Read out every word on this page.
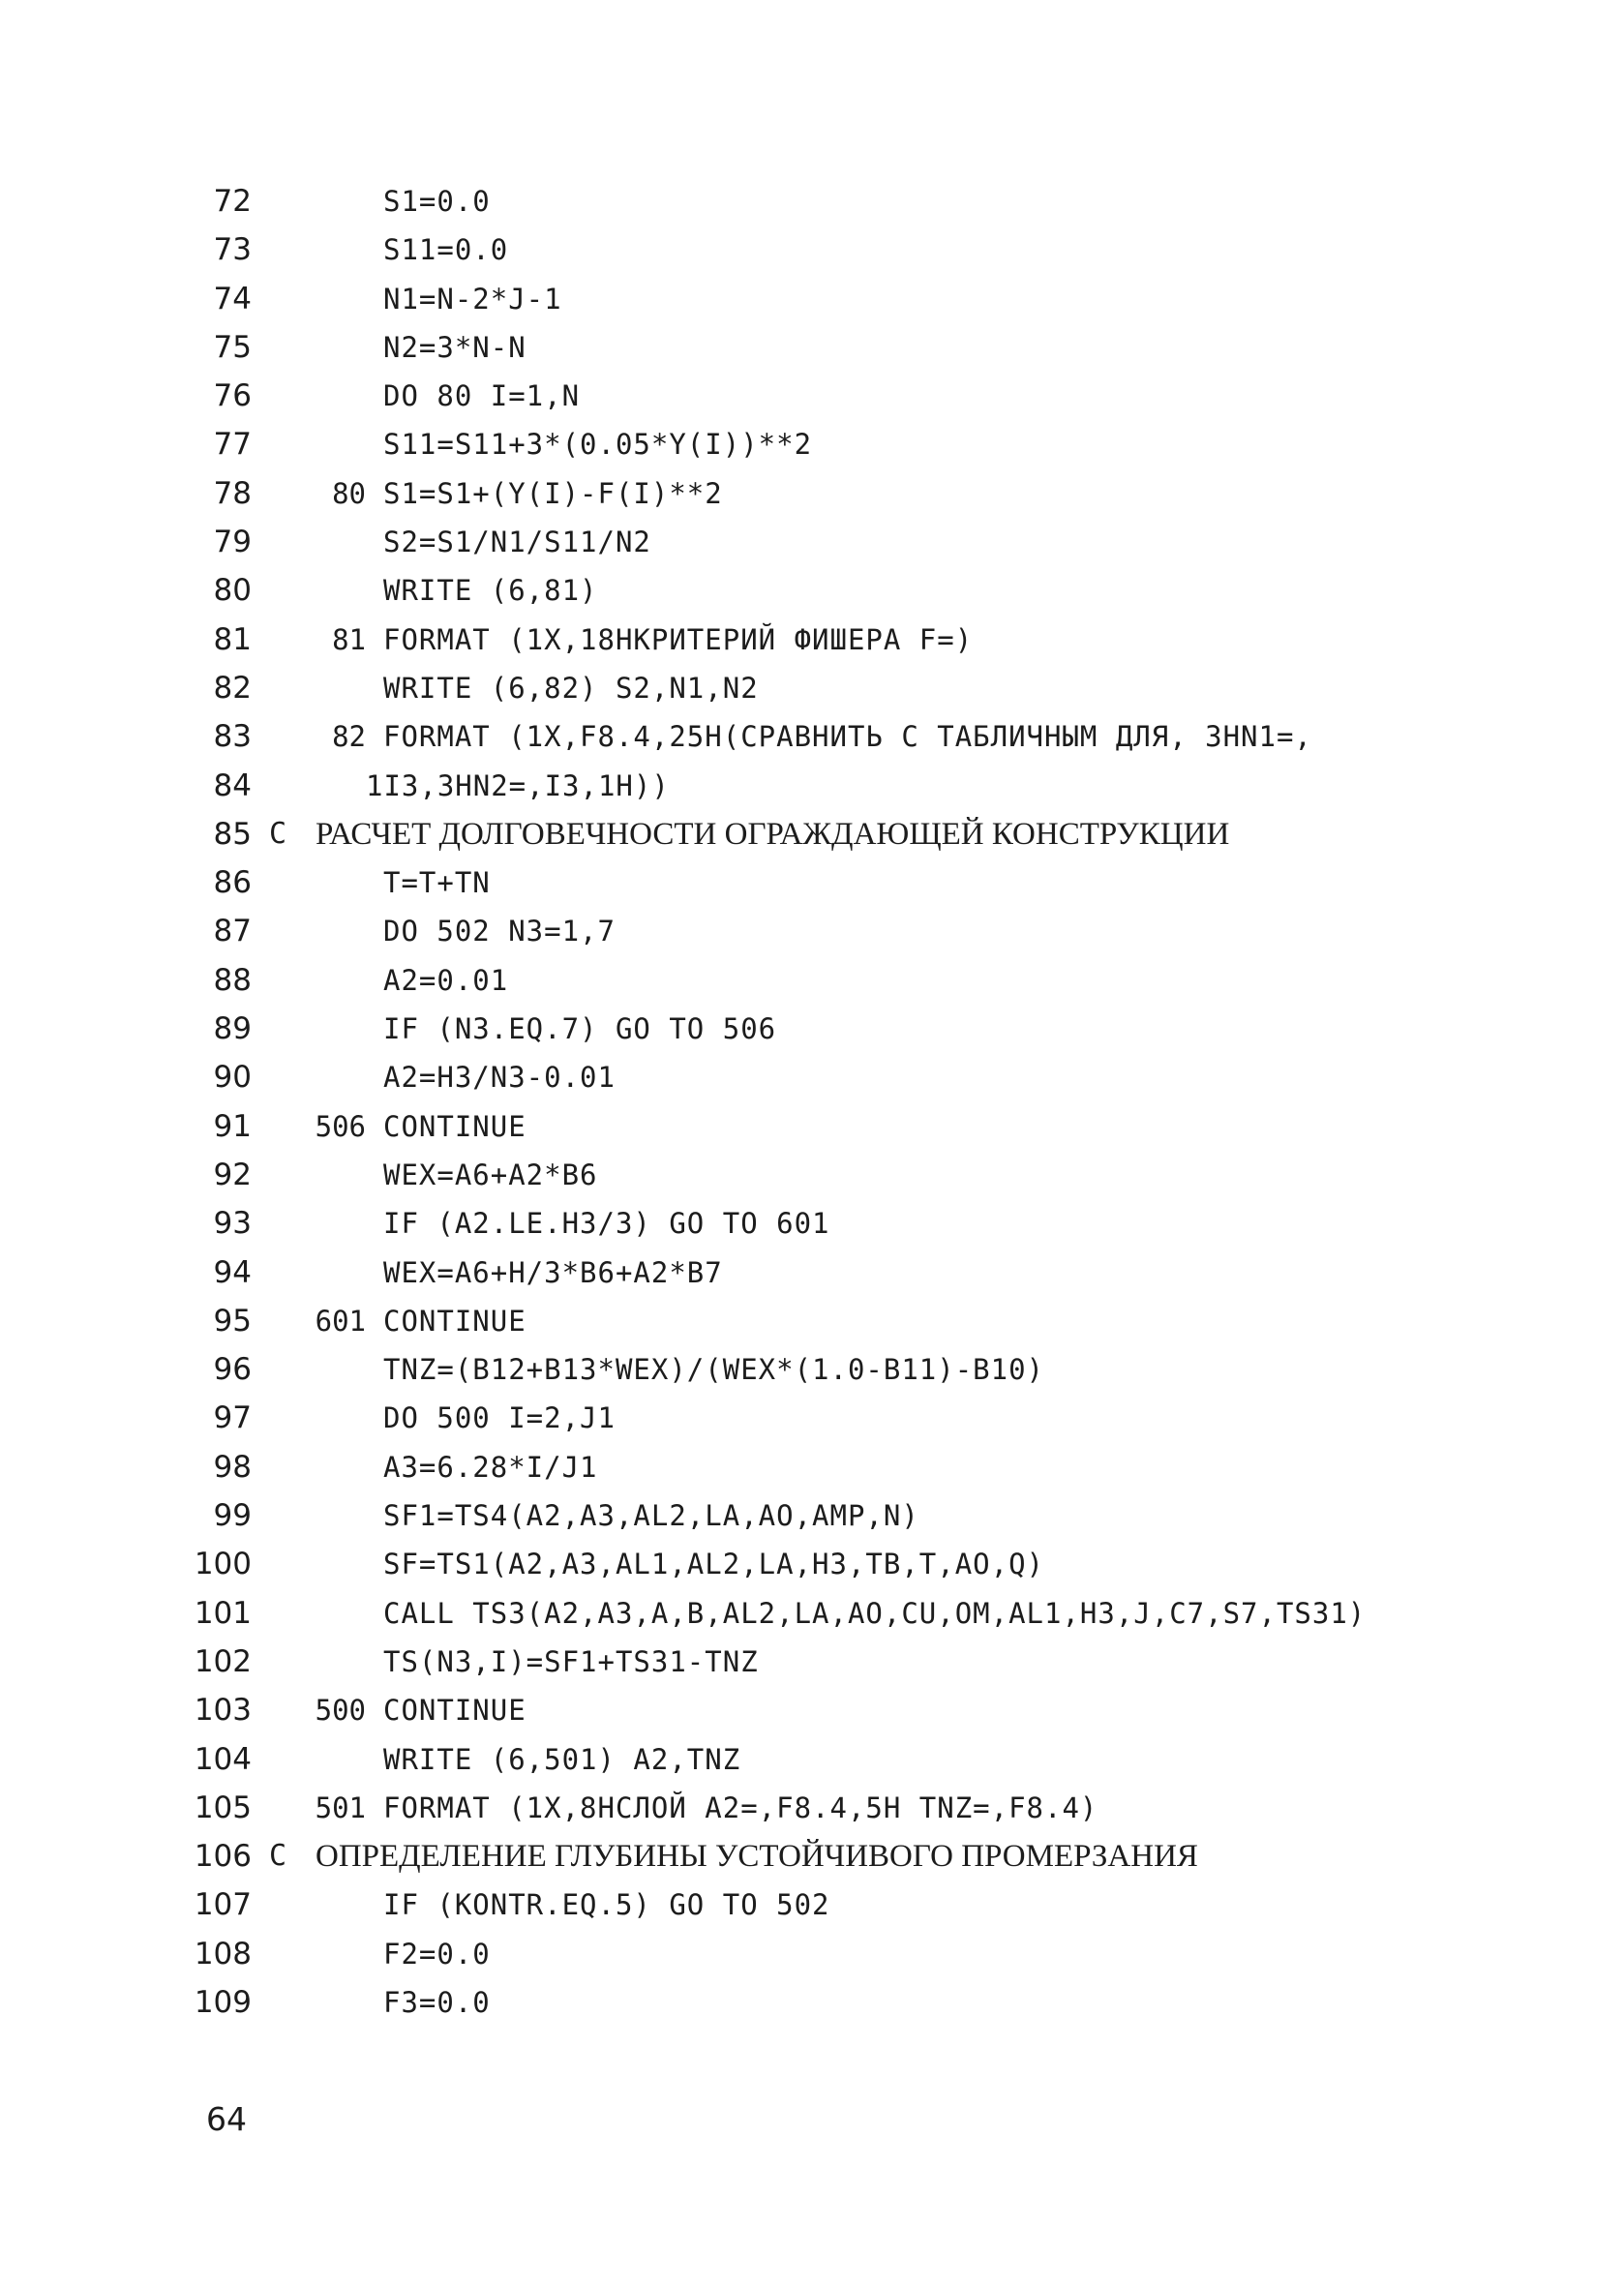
72	S1=0.0
73	S11=0.0
74	N1=N-2*J-1
75	N2=3*N-N
76	DO 80 I=1,N
77	S11=S11+3*(0.05*Y(I))**2
78	80 S1=S1+(Y(I)-F(I)**2
79	S2=S1/N1/S11/N2
80	WRITE (6,81)
81	81 FORMAT (1X,18НКРИТЕРИЙ ФИШЕРА F=)
82	WRITE (6,82) S2,N1,N2
83	82 FORMAT (1X,F8.4,25H(СРАВНИТЬ С ТАБЛИЧНЫМ ДЛЯ, 3HN1=,
84	1I3,3HN2=,I3,1H))
85 C РАСЧЕТ ДОЛГОВЕЧНОСТИ ОГРАЖДАЮЩЕЙ КОНСТРУКЦИИ
86	T=T+TN
87	DO 502 N3=1,7
88	A2=0.01
89	IF (N3.EQ.7) GO TO 506
90	A2=H3/N3-0.01
91	506 CONTINUE
92	WEX=A6+A2*B6
93	IF (A2.LE.H3/3) GO TO 601
94	WEX=A6+H/3*B6+A2*B7
95	601 CONTINUE
96	TNZ=(B12+B13*WEX)/(WEX*(1.0-B11)-B10)
97	DO 500 I=2,J1
98	A3=6.28*I/J1
99	SF1=TS4(A2,A3,AL2,LA,AO,AMP,N)
100	SF=TS1(A2,A3,AL1,AL2,LA,H3,TB,T,AO,Q)
101	CALL TS3(A2,A3,A,B,AL2,LA,AO,CU,OM,AL1,H3,J,C7,S7,TS31)
102	TS(N3,I)=SF1+TS31-TNZ
103	500 CONTINUE
104	WRITE (6,501) A2,TNZ
105	501 FORMAT (1X,8НСЛОЙ A2=,F8.4,5H TNZ=,F8.4)
106 C ОПРЕДЕЛЕНИЕ ГЛУБИНЫ УСТОЙЧИВОГО ПРОМЕРЗАНИЯ
107	IF (KONTR.EQ.5) GO TO 502
108	F2=0.0
109	F3=0.0
64
